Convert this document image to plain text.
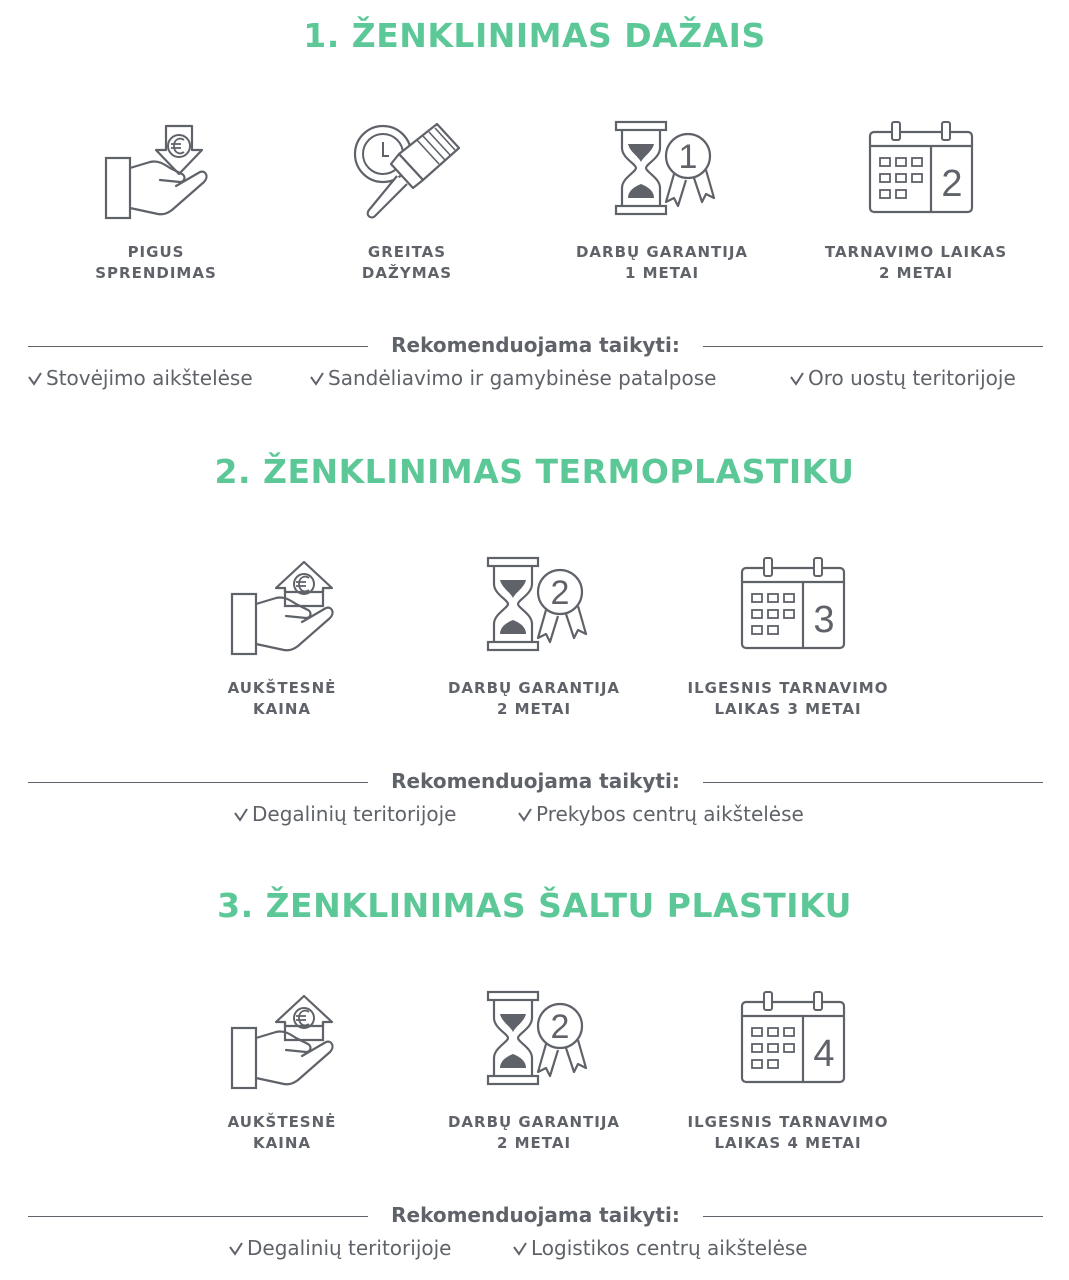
1. ŽENKLINIMAS DAŽAIS
PIGUS
SPRENDIMAS
GREITAS
DAŽYMAS
1
DARBŲ GARANTIJA
1 METAI
2
TARNAVIMO LAIKAS
2 METAI
Rekomenduojama taikyti:
Stovėjimo aikštelėse	Sandėliavimo ir gamybinėse patalpose	Oro uostų teritorijoje
2. ŽENKLINIMAS TERMOPLASTIKU
AUKŠTESNĖ
KAINA
2
DARBŲ GARANTIJA
2 METAI
3
ILGESNIS TARNAVIMO
LAIKAS 3 METAI
Rekomenduojama taikyti:
Degalinių teritorijoje	Prekybos centrų aikštelėse
3. ŽENKLINIMAS ŠALTU PLASTIKU
AUKŠTESNĖ
KAINA
2
DARBŲ GARANTIJA
2 METAI
4
ILGESNIS TARNAVIMO
LAIKAS 4 METAI
Rekomenduojama taikyti:
Degalinių teritorijoje	Logistikos centrų aikštelėse
